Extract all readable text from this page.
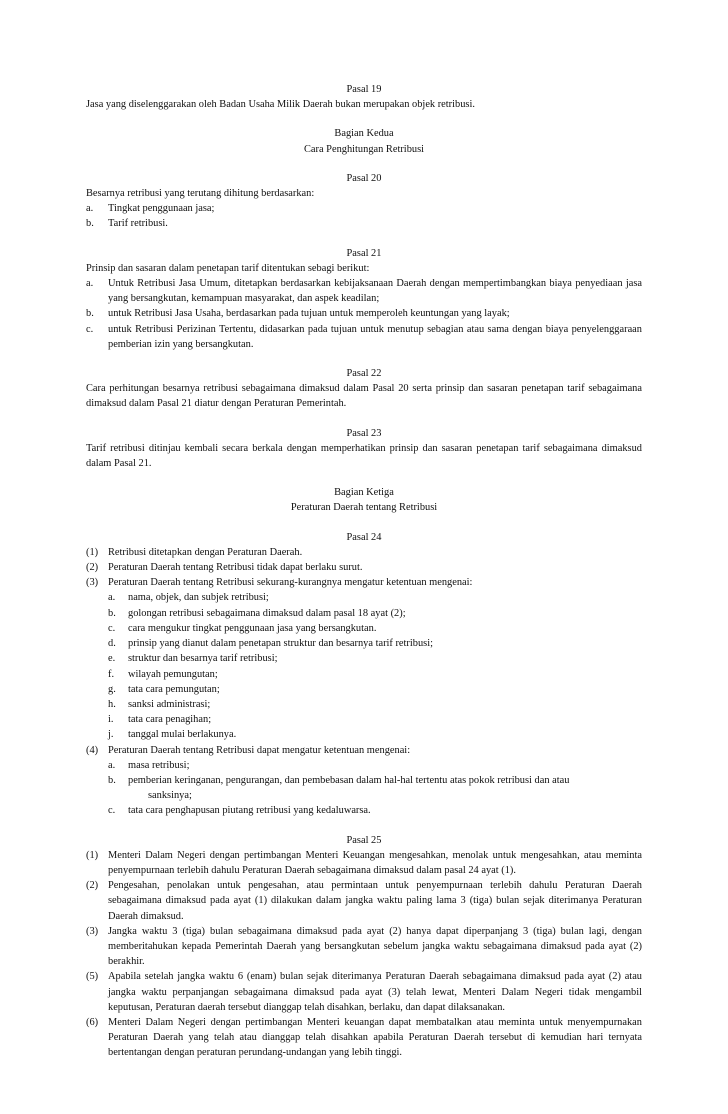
Pasal 19

Jasa yang diselenggarakan oleh Badan Usaha Milik Daerah bukan merupakan objek retribusi.

Bagian Kedua

Cara Penghitungan Retribusi

Pasal 20

Besarnya retribusi yang terutang dihitung berdasarkan:

a.	Tingkat penggunaan jasa;
b.	Tarif retribusi.

Pasal 21

Prinsip dan sasaran dalam penetapan tarif ditentukan sebagi berikut:

a.	Untuk Retribusi Jasa Umum, ditetapkan berdasarkan kebijaksanaan Daerah dengan mempertimbangkan biaya penyediaan jasa yang bersangkutan, kemampuan masyarakat, dan aspek keadilan;
b.	untuk Retribusi Jasa Usaha, berdasarkan pada tujuan untuk memperoleh keuntungan yang layak;
c.	untuk Retribusi Perizinan Tertentu, didasarkan pada tujuan untuk menutup sebagian atau sama dengan biaya penyelenggaraan pemberian izin yang bersangkutan.

Pasal 22

Cara perhitungan besarnya retribusi sebagaimana dimaksud dalam Pasal 20 serta prinsip dan sasaran penetapan tarif sebagaimana dimaksud dalam Pasal 21 diatur dengan Peraturan Pemerintah.

Pasal 23

Tarif retribusi ditinjau kembali secara berkala dengan memperhatikan prinsip dan sasaran penetapan tarif sebagaimana dimaksud dalam Pasal 21.

Bagian Ketiga

Peraturan Daerah tentang Retribusi

Pasal 24

(1) Retribusi ditetapkan dengan Peraturan Daerah.
(2) Peraturan Daerah tentang Retribusi tidak dapat berlaku surut.
(3) Peraturan Daerah tentang Retribusi sekurang-kurangnya mengatur ketentuan mengenai:
a.	nama, objek, dan subjek retribusi;
b.	golongan retribusi sebagaimana dimaksud dalam pasal 18 ayat (2);
c.	cara mengukur tingkat penggunaan jasa yang bersangkutan.
d.	prinsip yang dianut dalam penetapan struktur dan besarnya tarif retribusi;
e.	struktur dan besarnya tarif retribusi;
f.	wilayah pemungutan;
g.	tata cara pemungutan;
h.	sanksi administrasi;
i.	tata cara penagihan;
j.	tanggal mulai berlakunya.
(4) Peraturan Daerah tentang Retribusi dapat mengatur ketentuan mengenai:
a.	masa retribusi;
b.	pemberian keringanan, pengurangan, dan pembebasan dalam hal-hal tertentu atas pokok retribusi dan atau
sanksinya;
c.	tata cara penghapusan piutang retribusi yang kedaluwarsa.

Pasal 25

(1) Menteri Dalam Negeri dengan pertimbangan Menteri Keuangan mengesahkan, menolak untuk mengesahkan, atau meminta penyempurnaan terlebih dahulu Peraturan Daerah sebagaimana dimaksud dalam pasal 24 ayat (1).
(2) Pengesahan, penolakan untuk pengesahan, atau permintaan untuk penyempurnaan terlebih dahulu Peraturan Daerah sebagaimana dimaksud pada ayat (1) dilakukan dalam jangka waktu paling lama 3 (tiga) bulan sejak diterimanya Peraturan Daerah dimaksud.
(3) Jangka waktu 3 (tiga) bulan sebagaimana dimaksud pada ayat (2) hanya dapat diperpanjang 3 (tiga) bulan lagi, dengan memberitahukan kepada Pemerintah Daerah yang bersangkutan sebelum jangka waktu sebagaimana dimaksud pada ayat (2) berakhir.
(5) Apabila setelah jangka waktu 6 (enam) bulan sejak diterimanya Peraturan Daerah sebagaimana dimaksud pada ayat (2) atau jangka waktu perpanjangan sebagaimana dimaksud pada ayat (3) telah lewat, Menteri Dalam Negeri tidak mengambil keputusan, Peraturan daerah tersebut dianggap telah disahkan, berlaku, dan dapat dilaksanakan.
(6) Menteri Dalam Negeri dengan pertimbangan Menteri keuangan dapat membatalkan atau meminta untuk menyempurnakan Peraturan Daerah yang telah atau dianggap telah disahkan apabila Peraturan Daerah tersebut di kemudian hari ternyata bertentangan dengan peraturan perundang-undangan yang lebih tinggi.
